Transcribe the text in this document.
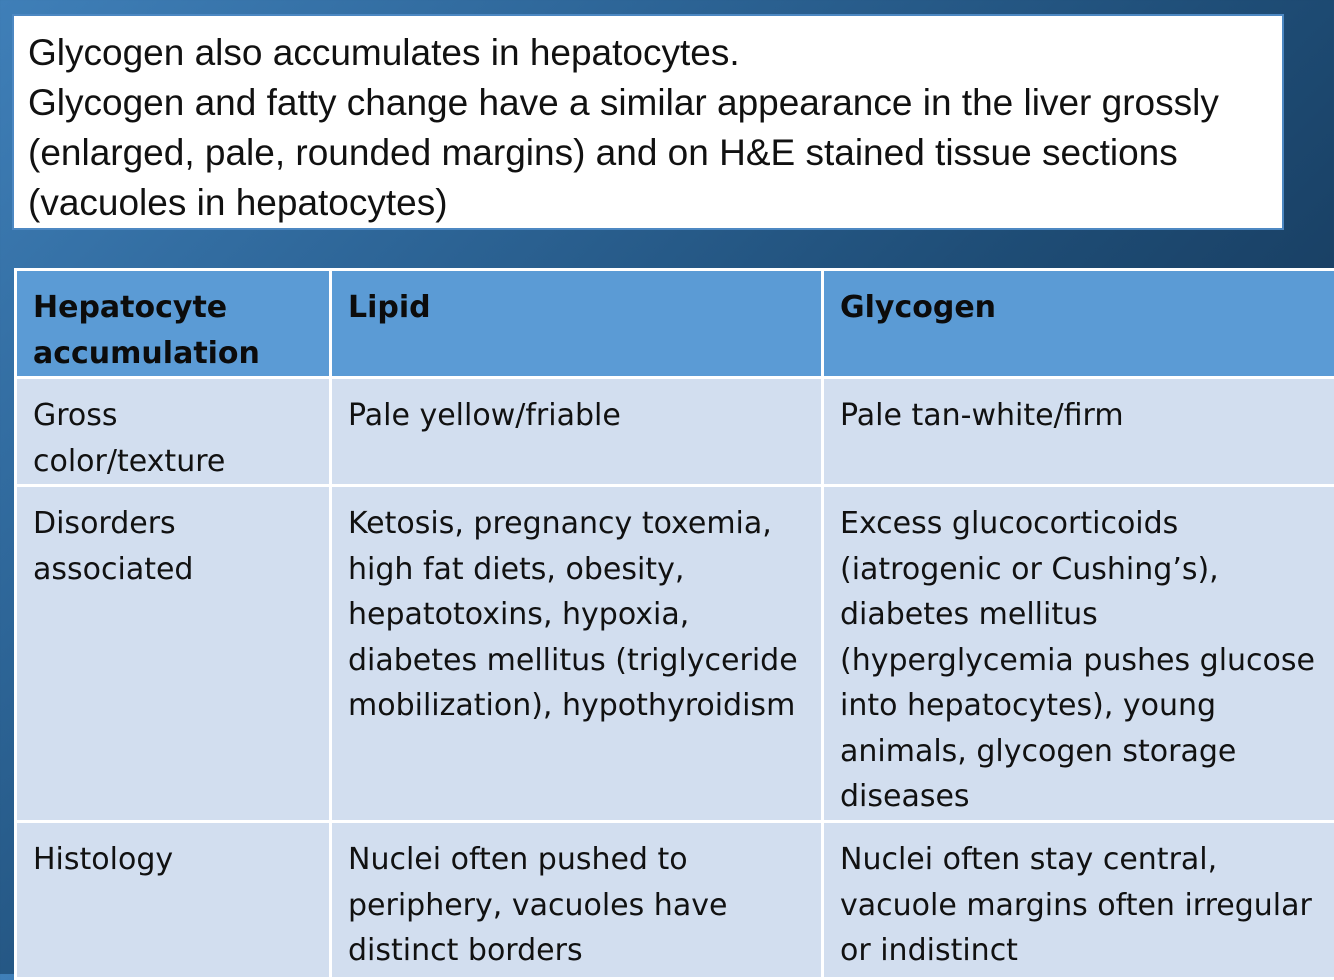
Glycogen also accumulates in hepatocytes.

Glycogen and fatty change have a similar appearance in the liver grossly (enlarged, pale, rounded margins) and on H&E stained tissue sections (vacuoles in hepatocytes)

Hepatocyte accumulation	Lipid	Glycogen
Gross color/texture	Pale yellow/friable	Pale tan-white/firm
Disorders associated	Ketosis, pregnancy toxemia, high fat diets, obesity, hepatotoxins, hypoxia, diabetes mellitus (triglyceride mobilization), hypothyroidism	Excess glucocorticoids (iatrogenic or Cushing’s), diabetes mellitus (hyperglycemia pushes glucose into hepatocytes), young animals, glycogen storage diseases
Histology	Nuclei often pushed to periphery, vacuoles have distinct borders	Nuclei often stay central, vacuole margins often irregular or indistinct
